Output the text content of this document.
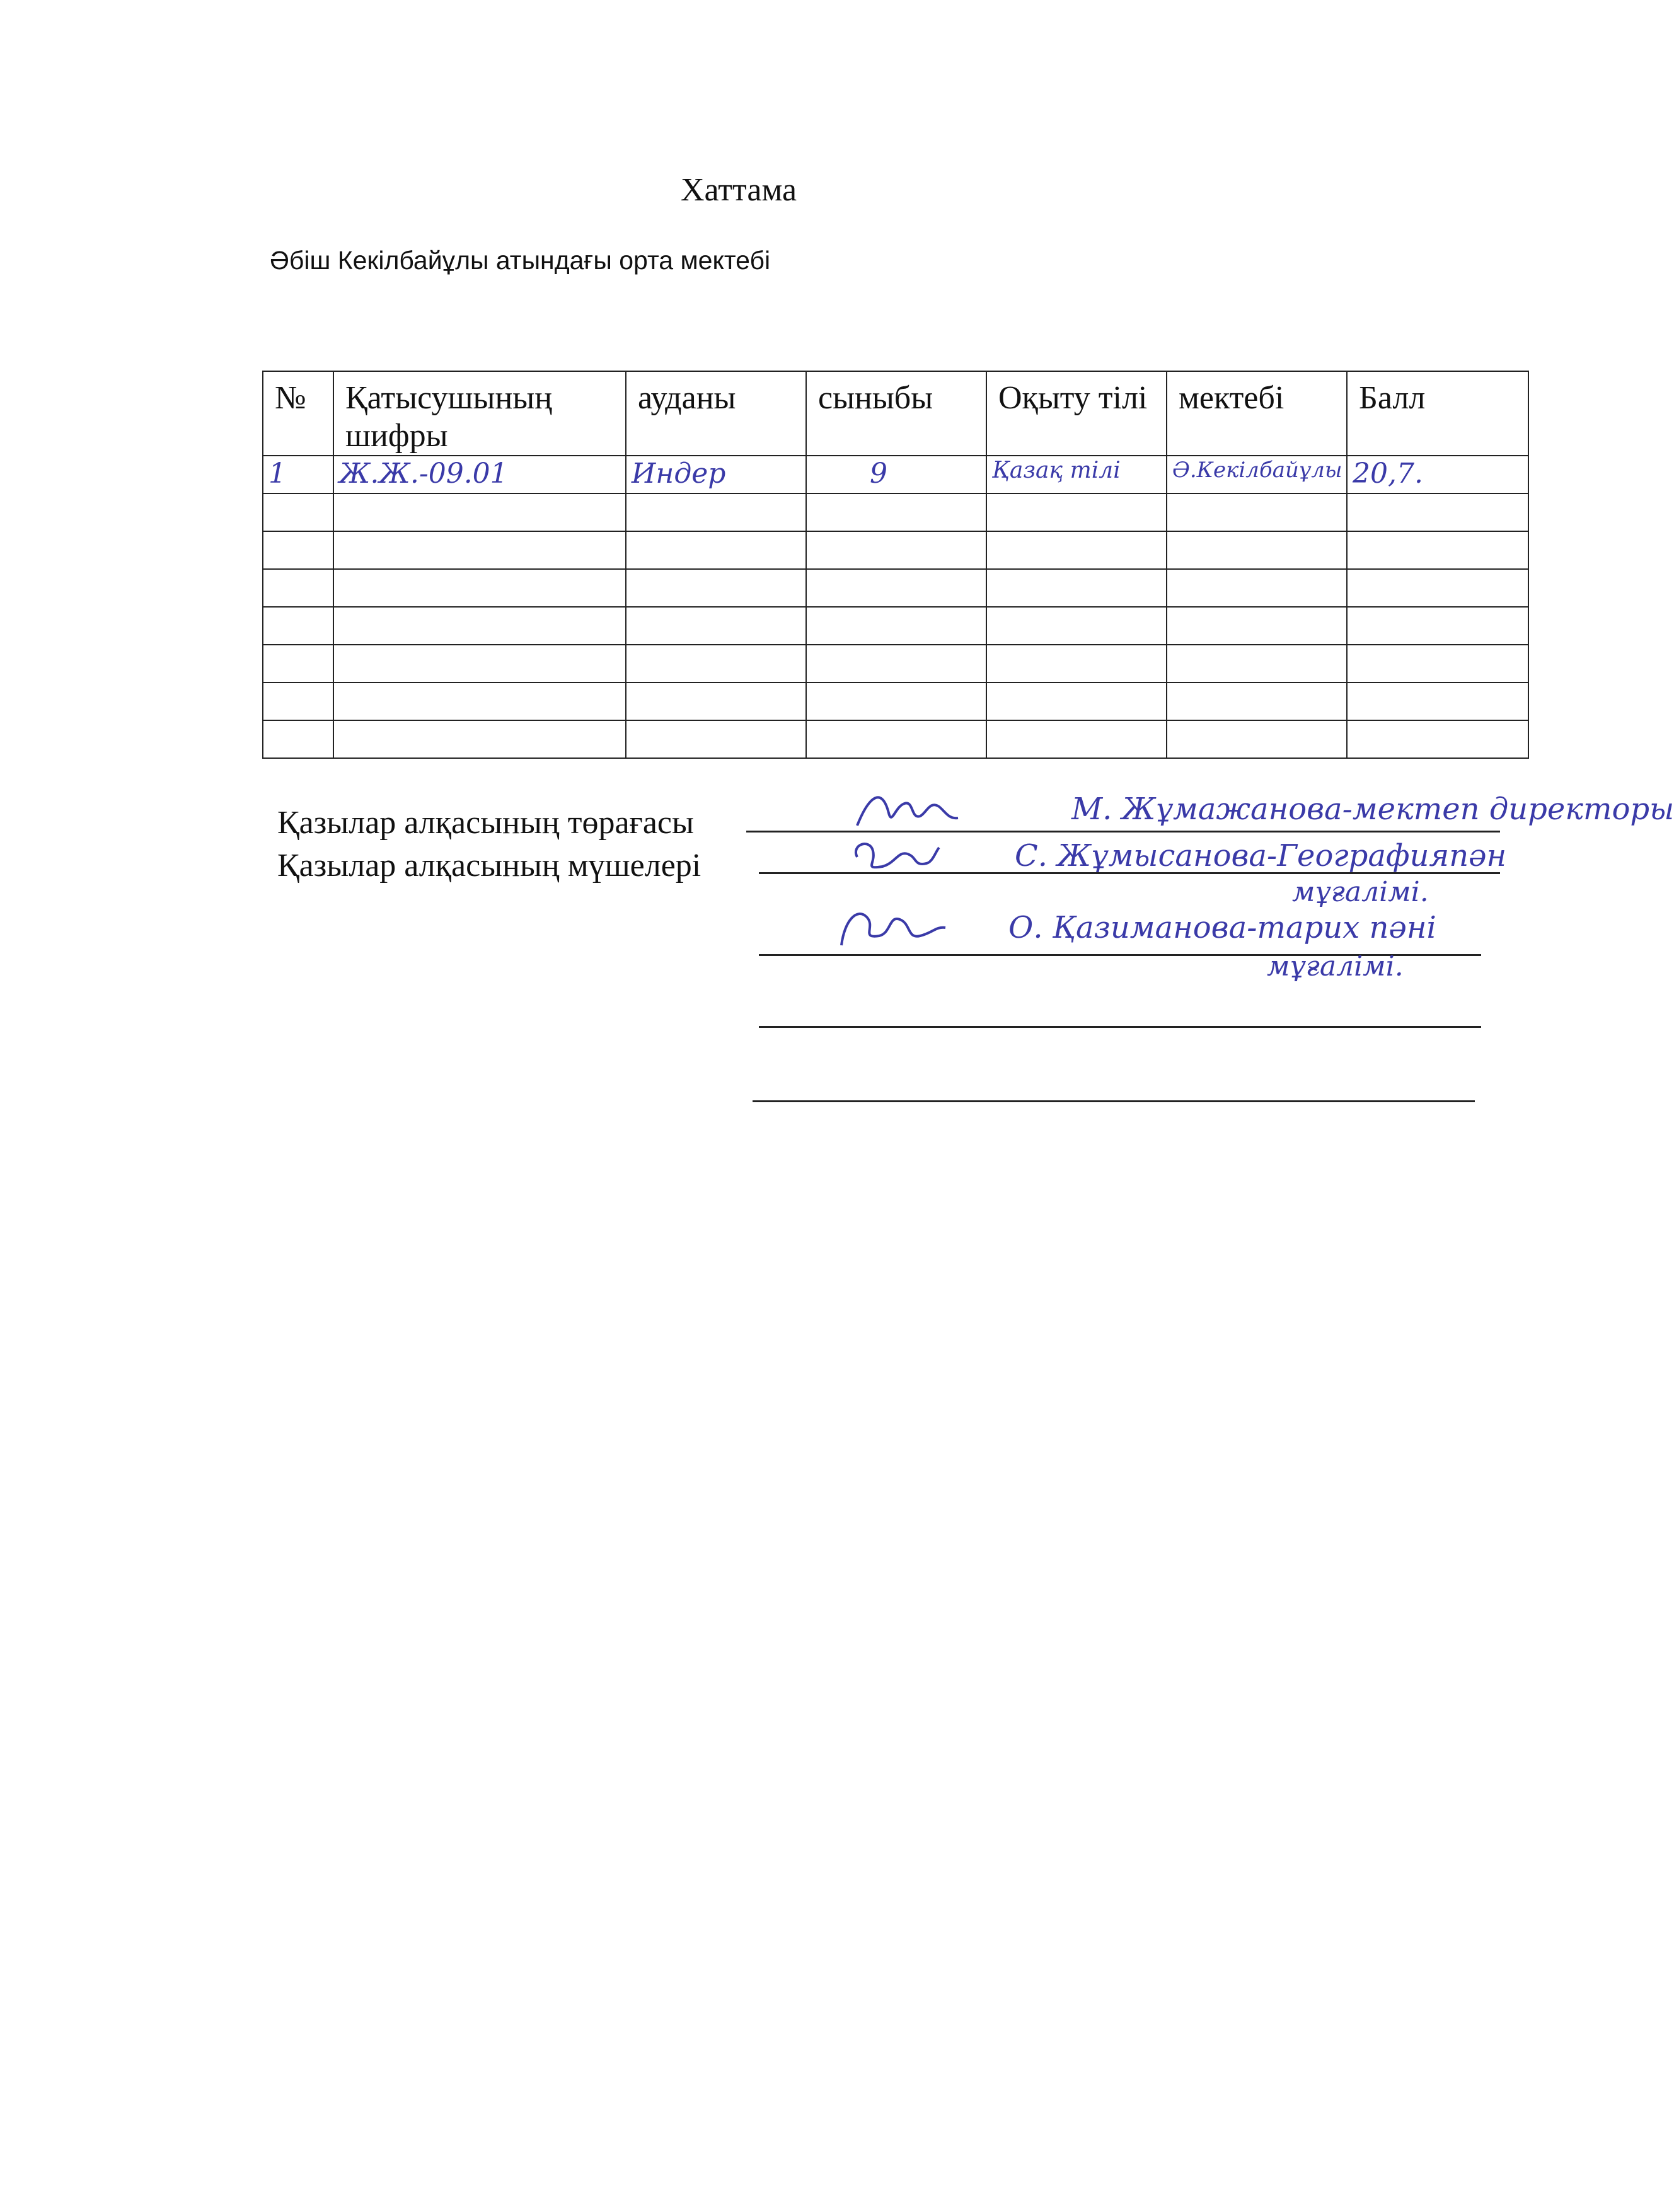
Хаттама
Әбіш Кекілбайұлы атындағы орта мектебі
№	Қатысушының шифры	ауданы	сыныбы	Оқыту тілі	мектебі	Балл

1	Ж.Ж.-09.01	Индер	9	Қазақ тілі	Ә.Кекілбайұлы	20,7.

Қазылар алқасының төрағасы
Қазылар алқасының мүшелері
М. Жұмажанова-мектеп директоры
С. Жұмысанова-Географияпән
мұғалімі.
О. Қазиманова-тарих пәні
мұғалімі.
